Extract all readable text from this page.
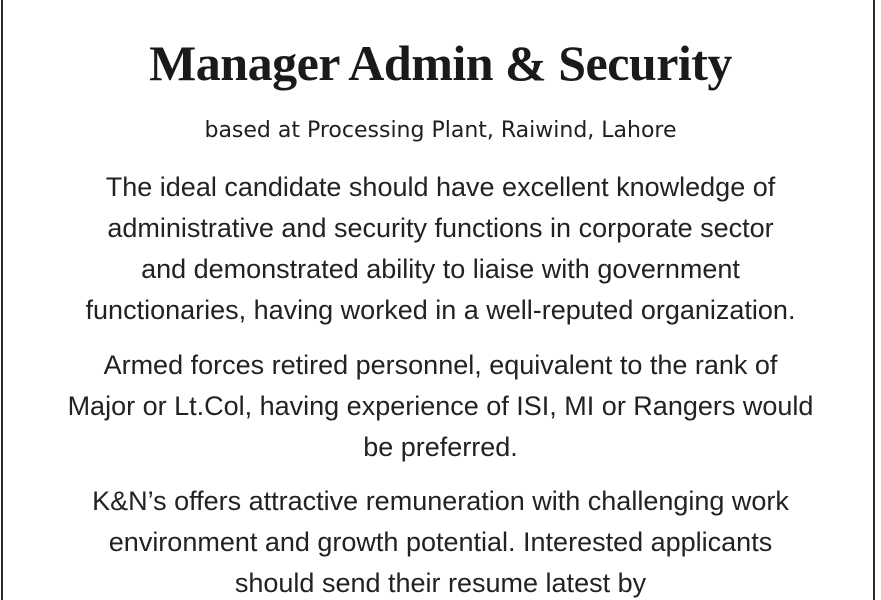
Manager Admin & Security
based at Processing Plant, Raiwind, Lahore
The ideal candidate should have excellent knowledge of
administrative and security functions in corporate sector
and demonstrated ability to liaise with government
functionaries, having worked in a well-reputed organization.
Armed forces retired personnel, equivalent to the rank of
Major or Lt.Col, having experience of ISI, MI or Rangers would
be preferred.
K&N’s offers attractive remuneration with challenging work
environment and growth potential. Interested applicants
should send their resume latest by
